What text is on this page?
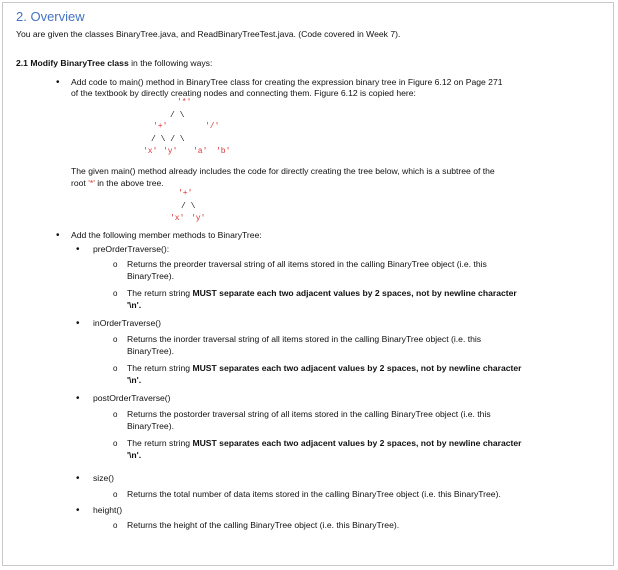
2. Overview
You are given the classes BinaryTree.java, and ReadBinaryTreeTest.java. (Code covered in Week 7).
2.1 Modify BinaryTree class in the following ways:
• Add code to main() method in BinaryTree class for creating the expression binary tree in Figure 6.12 on Page 271
of the textbook by directly creating nodes and connecting them. Figure 6.12 is copied here:
'*'
/ \
'+'	'/'
/ \ / \
'x' 'y' 'a' 'b'
The given main() method already includes the code for directly creating the tree below, which is a subtree of the
root '*' in the above tree.
'+'
/ \
'x' 'y'
• Add the following member methods to BinaryTree:
• preOrderTraverse():
o Returns the preorder traversal string of all items stored in the calling BinaryTree object (i.e. this
BinaryTree).
o The return string MUST separate each two adjacent values by 2 spaces, not by newline character
'\n'.
• inOrderTraverse()
o Returns the inorder traversal string of all items stored in the calling BinaryTree object (i.e. this
BinaryTree).
o The return string MUST separates each two adjacent values by 2 spaces, not by newline character
'\n'.
• postOrderTraverse()
o Returns the postorder traversal string of all items stored in the calling BinaryTree object (i.e. this
BinaryTree).
o The return string MUST separates each two adjacent values by 2 spaces, not by newline character
'\n'.
• size()
o Returns the total number of data items stored in the calling BinaryTree object (i.e. this BinaryTree).
• height()
o Returns the height of the calling BinaryTree object (i.e. this BinaryTree).
